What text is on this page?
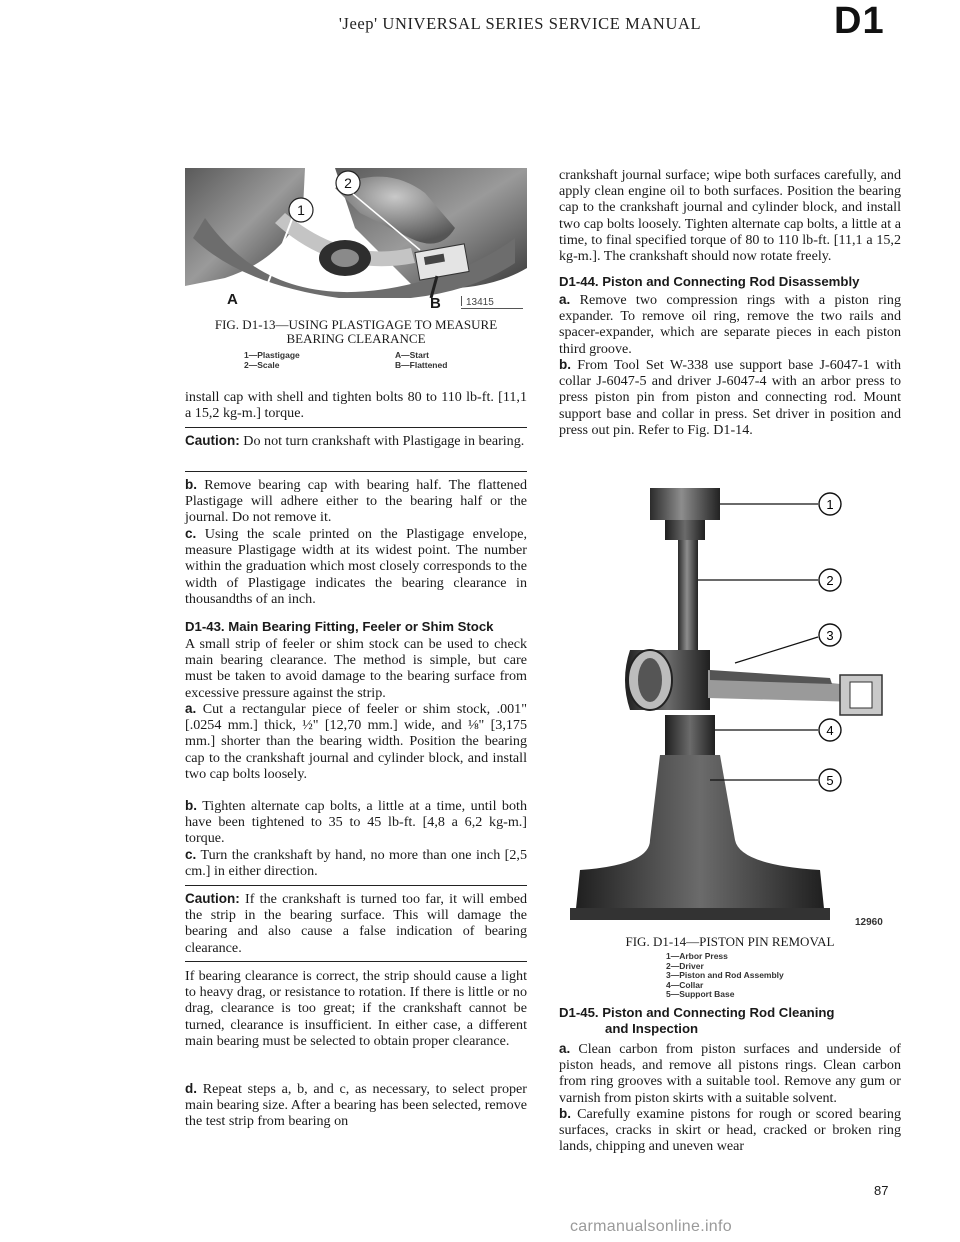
'Jeep' UNIVERSAL SERIES SERVICE MANUAL	D1
1
2
A	B	13415
FIG. D1-13—USING PLASTIGAGE TO MEASURE
BEARING CLEARANCE
1—Plastigage
2—Scale
A—Start
B—Flattened
install cap with shell and tighten bolts 80 to 110 lb-ft. [11,1 a 15,2 kg-m.] torque.
Caution: Do not turn crankshaft with Plastigage in bearing.
b. Remove bearing cap with bearing half. The flattened Plastigage will adhere either to the bearing half or the journal. Do not remove it.
c. Using the scale printed on the Plastigage envelope, measure Plastigage width at its widest point. The number within the graduation which most closely corresponds to the width of Plastigage indicates the bearing clearance in thousandths of an inch.
D1-43. Main Bearing Fitting, Feeler or Shim Stock
A small strip of feeler or shim stock can be used to check main bearing clearance. The method is simple, but care must be taken to avoid damage to the bearing surface from excessive pressure against the strip.
a. Cut a rectangular piece of feeler or shim stock, .001" [.0254 mm.] thick, ½" [12,70 mm.] wide, and ⅛" [3,175 mm.] shorter than the bearing width. Position the bearing cap to the crankshaft journal and cylinder block, and install two cap bolts loosely.
b. Tighten alternate cap bolts, a little at a time, until both have been tightened to 35 to 45 lb-ft. [4,8 a 6,2 kg-m.] torque.
c. Turn the crankshaft by hand, no more than one inch [2,5 cm.] in either direction.
Caution: If the crankshaft is turned too far, it will embed the strip in the bearing surface. This will damage the bearing and also cause a false indication of bearing clearance.
If bearing clearance is correct, the strip should cause a light to heavy drag, or resistance to rotation. If there is little or no drag, clearance is too great; if the crankshaft cannot be turned, clearance is insufficient. In either case, a different main bearing must be selected to obtain proper clearance.
d. Repeat steps a, b, and c, as necessary, to select proper main bearing size. After a bearing has been selected, remove the test strip from bearing on
crankshaft journal surface; wipe both surfaces carefully, and apply clean engine oil to both surfaces. Position the bearing cap to the crankshaft journal and cylinder block, and install two cap bolts loosely. Tighten alternate cap bolts, a little at a time, to final specified torque of 80 to 110 lb-ft. [11,1 a 15,2 kg-m.]. The crankshaft should now rotate freely.
D1-44. Piston and Connecting Rod Disassembly
a. Remove two compression rings with a piston ring expander. To remove oil ring, remove the two rails and spacer-expander, which are separate pieces in each piston third groove.
b. From Tool Set W-338 use support base J-6047-1 with collar J-6047-5 and driver J-6047-4 with an arbor press to press piston pin from piston and connecting rod. Mount support base and collar in press. Set driver in position and press out pin. Refer to Fig. D1-14.
1
2
3
4
5
12960
FIG. D1-14—PISTON PIN REMOVAL
1—Arbor Press
2—Driver
3—Piston and Rod Assembly
4—Collar
5—Support Base
D1-45. Piston and Connecting Rod Cleaning
and Inspection
a. Clean carbon from piston surfaces and underside of piston heads, and remove all pistons rings. Clean carbon from ring grooves with a suitable tool. Remove any gum or varnish from piston skirts with a suitable solvent.
b. Carefully examine pistons for rough or scored bearing surfaces, cracks in skirt or head, cracked or broken ring lands, chipping and uneven wear
87
carmanualsonline.info
